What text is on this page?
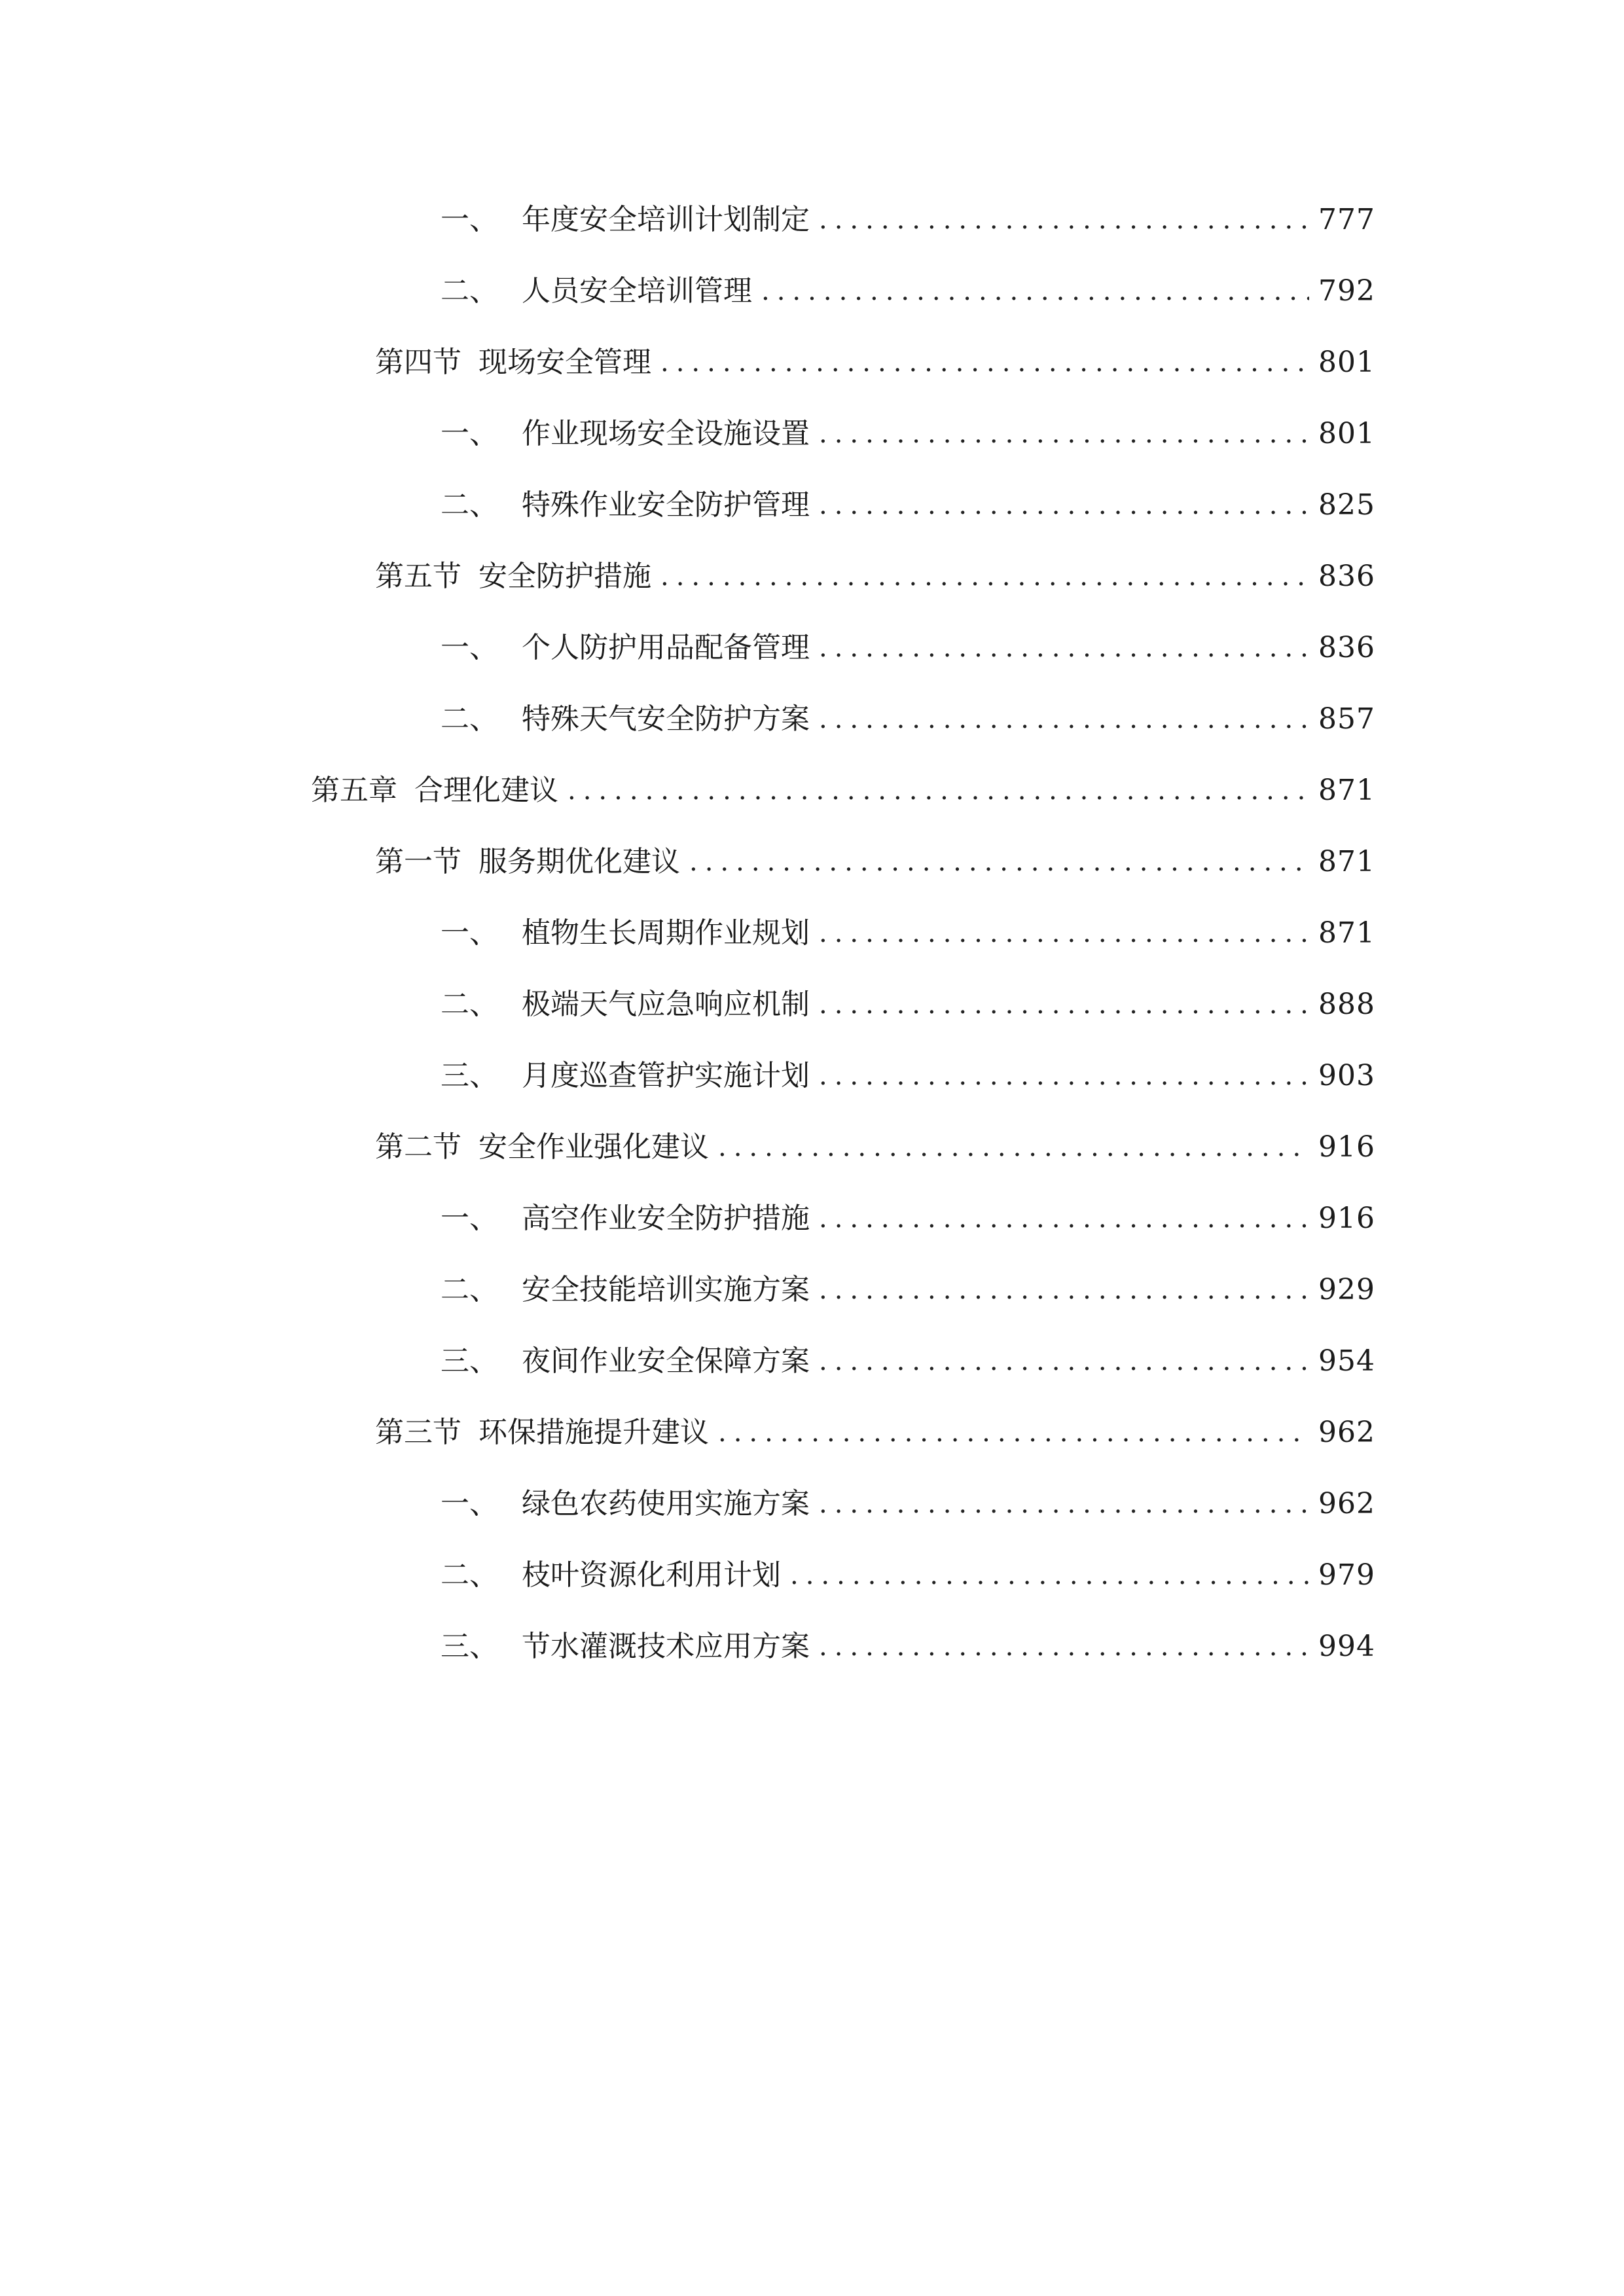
一、 年度安全培训计划制定 .....	777
二、 人员安全培训管理 .....	792
第四节 现场安全管理 .....	801
一、 作业现场安全设施设置 .....	801
二、 特殊作业安全防护管理 .....	825
第五节 安全防护措施 .....	836
一、 个人防护用品配备管理 .....	836
二、 特殊天气安全防护方案 .....	857
第五章 合理化建议 .....	871
第一节 服务期优化建议 .....	871
一、 植物生长周期作业规划 .....	871
二、 极端天气应急响应机制 .....	888
三、 月度巡查管护实施计划 .....	903
第二节 安全作业强化建议 .....	916
一、 高空作业安全防护措施 .....	916
二、 安全技能培训实施方案 .....	929
三、 夜间作业安全保障方案 .....	954
第三节 环保措施提升建议 .....	962
一、 绿色农药使用实施方案 .....	962
二、 枝叶资源化利用计划 .....	979
三、 节水灌溉技术应用方案 .....	994
